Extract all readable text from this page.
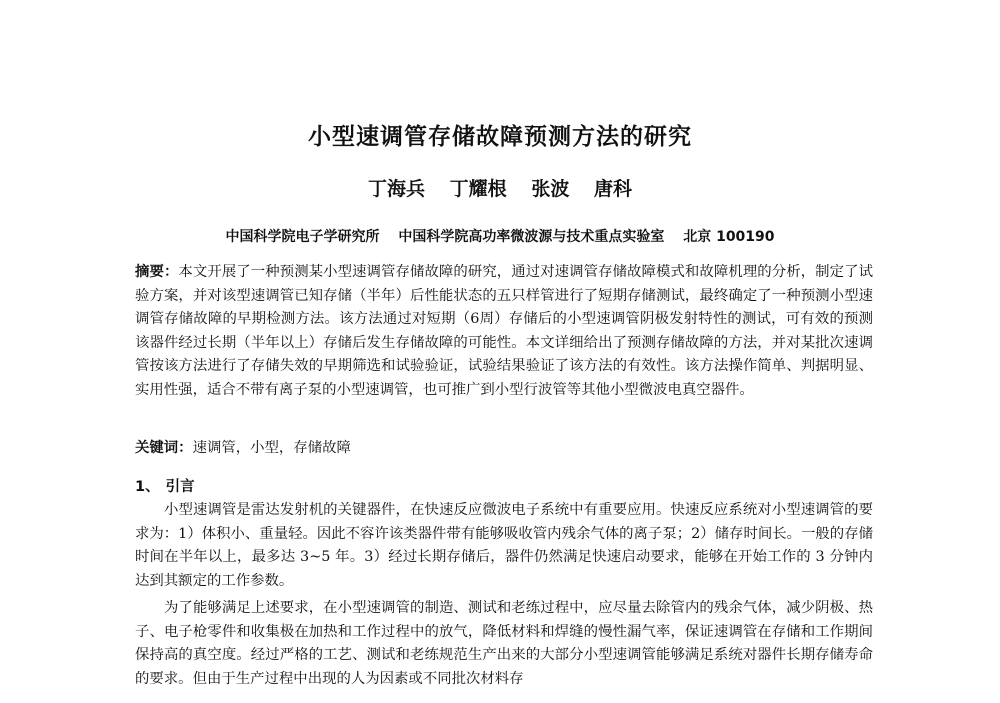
小型速调管存储故障预测方法的研究
丁海兵 丁耀根 张波 唐科
中国科学院电子学研究所 中国科学院高功率微波源与技术重点实验室 北京 100190
摘要：本文开展了一种预测某小型速调管存储故障的研究，通过对速调管存储故障模式和故障机理的分析，制定了试验方案，并对该型速调管已知存储（半年）后性能状态的五只样管进行了短期存储测试，最终确定了一种预测小型速调管存储故障的早期检测方法。该方法通过对短期（6周）存储后的小型速调管阴极发射特性的测试，可有效的预测该器件经过长期（半年以上）存储后发生存储故障的可能性。本文详细给出了预测存储故障的方法，并对某批次速调管按该方法进行了存储失效的早期筛选和试验验证，试验结果验证了该方法的有效性。该方法操作简单、判据明显、实用性强，适合不带有离子泵的小型速调管，也可推广到小型行波管等其他小型微波电真空器件。
关键词：速调管，小型，存储故障
1、 引言
小型速调管是雷达发射机的关键器件，在快速反应微波电子系统中有重要应用。快速反应系统对小型速调管的要求为：1）体积小、重量轻。因此不容许该类器件带有能够吸收管内残余气体的离子泵；2）储存时间长。一般的存储时间在半年以上，最多达 3~5 年。3）经过长期存储后，器件仍然满足快速启动要求，能够在开始工作的 3 分钟内达到其额定的工作参数。
为了能够满足上述要求，在小型速调管的制造、测试和老练过程中，应尽量去除管内的残余气体，减少阴极、热子、电子枪零件和收集极在加热和工作过程中的放气，降低材料和焊缝的慢性漏气率，保证速调管在存储和工作期间保持高的真空度。经过严格的工艺、测试和老练规范生产出来的大部分小型速调管能够满足系统对器件长期存储寿命的要求。但由于生产过程中出现的人为因素或不同批次材料存
